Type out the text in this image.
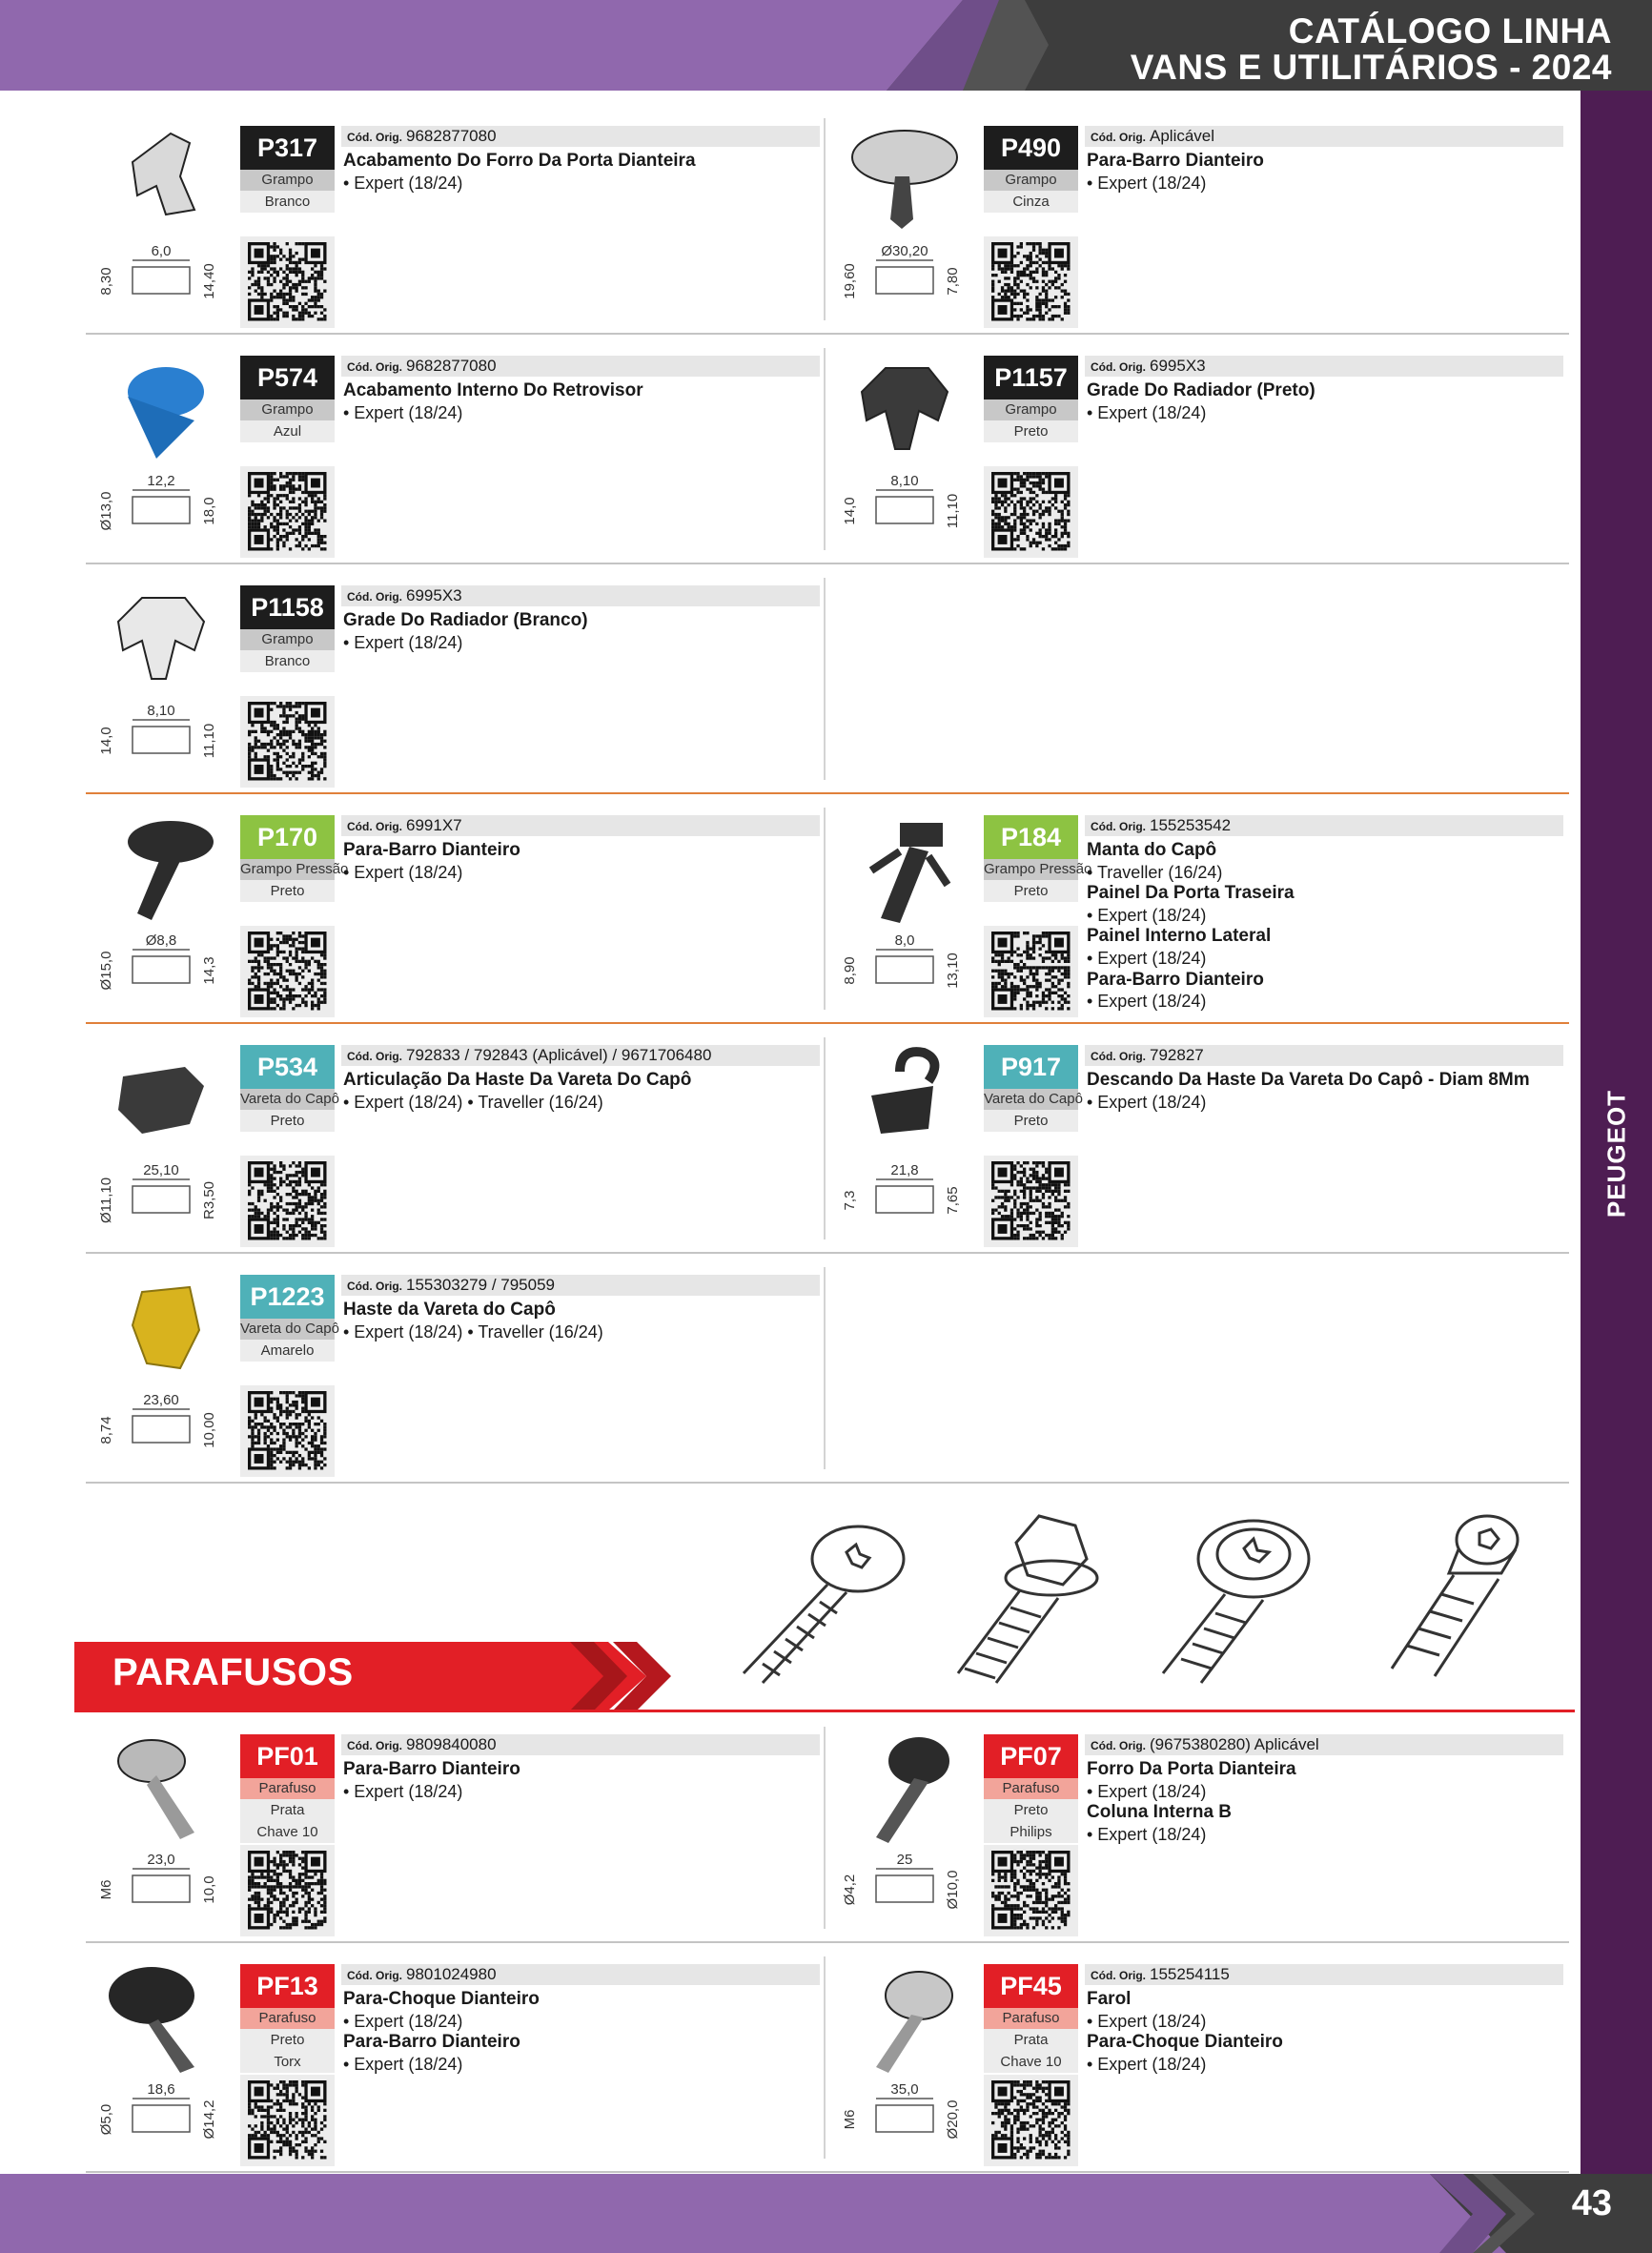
CATÁLOGO LINHA
VANS E UTILITÁRIOS - 2024
PEUGEOT
6,0
8,30	14,40
P317
Grampo
Branco
Cód. Orig. 9682877080
Acabamento Do Forro Da Porta Dianteira
• Expert (18/24)
Ø30,20
19,60	7,80
P490
Grampo
Cinza
Cód. Orig. Aplicável
Para-Barro Dianteiro
• Expert (18/24)
12,2
Ø13,0	18,0
P574
Grampo
Azul
Cód. Orig. 9682877080
Acabamento Interno Do Retrovisor
• Expert (18/24)
8,10
14,0	11,10
P1157
Grampo
Preto
Cód. Orig. 6995X3
Grade Do Radiador (Preto)
• Expert (18/24)
8,10
14,0	11,10
P1158
Grampo
Branco
Cód. Orig. 6995X3
Grade Do Radiador (Branco)
• Expert (18/24)
Ø8,8
Ø15,0	14,3
P170
Grampo Pressão
Preto
Cód. Orig. 6991X7
Para-Barro Dianteiro
• Expert (18/24)
8,0
8,90	13,10
P184
Grampo Pressão
Preto
Cód. Orig. 155253542
Manta do Capô
• Traveller (16/24)
Painel Da Porta Traseira
• Expert (18/24)
Painel Interno Lateral
• Expert (18/24)
Para-Barro Dianteiro
• Expert (18/24)
25,10
Ø11,10	R3,50
P534
Vareta do Capô
Preto
Cód. Orig. 792833 / 792843 (Aplicável) / 9671706480
Articulação Da Haste Da Vareta Do Capô
• Expert (18/24) • Traveller (16/24)
21,8
7,3	7,65
P917
Vareta do Capô
Preto
Cód. Orig. 792827
Descando Da Haste Da Vareta Do Capô - Diam 8Mm
• Expert (18/24)
23,60
8,74	10,00
P1223
Vareta do Capô
Amarelo
Cód. Orig. 155303279 / 795059
Haste da Vareta do Capô
• Expert (18/24) • Traveller (16/24)
23,0
M6	10,0
PF01
Parafuso
Prata
Chave 10
Cód. Orig. 9809840080
Para-Barro Dianteiro
• Expert (18/24)
25
Ø4,2	Ø10,0
PF07
Parafuso
Preto
Philips
Cód. Orig. (9675380280) Aplicável
Forro Da Porta Dianteira
• Expert (18/24)
Coluna Interna B
• Expert (18/24)
18,6
Ø5,0	Ø14,2
PF13
Parafuso
Preto
Torx
Cód. Orig. 9801024980
Para-Choque Dianteiro
• Expert (18/24)
Para-Barro Dianteiro
• Expert (18/24)
35,0
M6	Ø20,0
PF45
Parafuso
Prata
Chave 10
Cód. Orig. 155254115
Farol
• Expert (18/24)
Para-Choque Dianteiro
• Expert (18/24)
PARAFUSOS
43
